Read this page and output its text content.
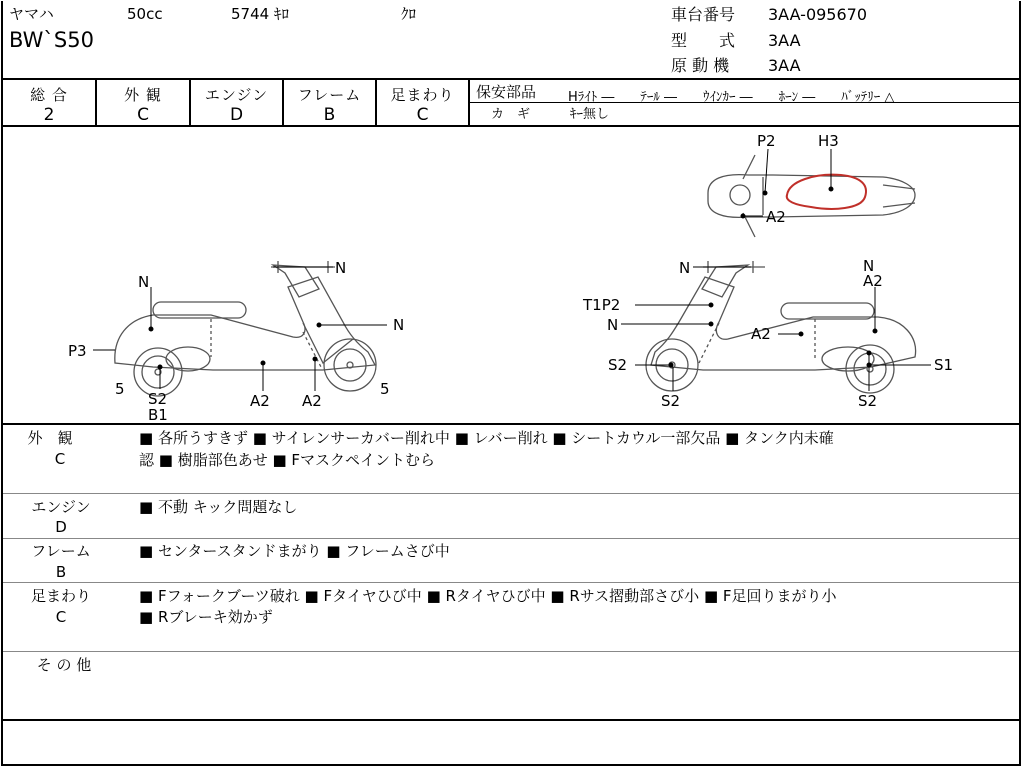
ヤマハ	50cc	5744 ｷﾛ	ｸﾛ
BW`S50
車台番号 3AA-095670
型　　式 3AA
原 動 機 3AA
総 合
2
外 観
C
エンジン
D
フレーム
B
足まわり
C
保安部品 Hﾗｲﾄ ―　　ﾃｰﾙ ―　　ｳｲﾝｶｰ ―　　ﾎｰﾝ ―　　ﾊﾞｯﾃﾘｰ △
カ　ギ	ｷｰ無し
N
N
N
P3
5
S2
B1
A2 A2
5
N	N
A2
T1P2
N	A2
S2	S1
S2	S2
P2	H3
A2
外　観
C
■ 各所うすきず ■ サイレンサーカバー削れ中 ■ レバー削れ ■ シートカウル一部欠品 ■ タンク内未確
認 ■ 樹脂部色あせ ■ Fマスクペイントむら
エンジン
D
■ 不動 キック問題なし
フレーム
B
■ センタースタンドまがり ■ フレームさび中
足まわり
C
■ Fフォークブーツ破れ ■ Fタイヤひび中 ■ Rタイヤひび中 ■ Rサス摺動部さび小 ■ F足回りまがり小
■ Rブレーキ効かず
そ の 他
